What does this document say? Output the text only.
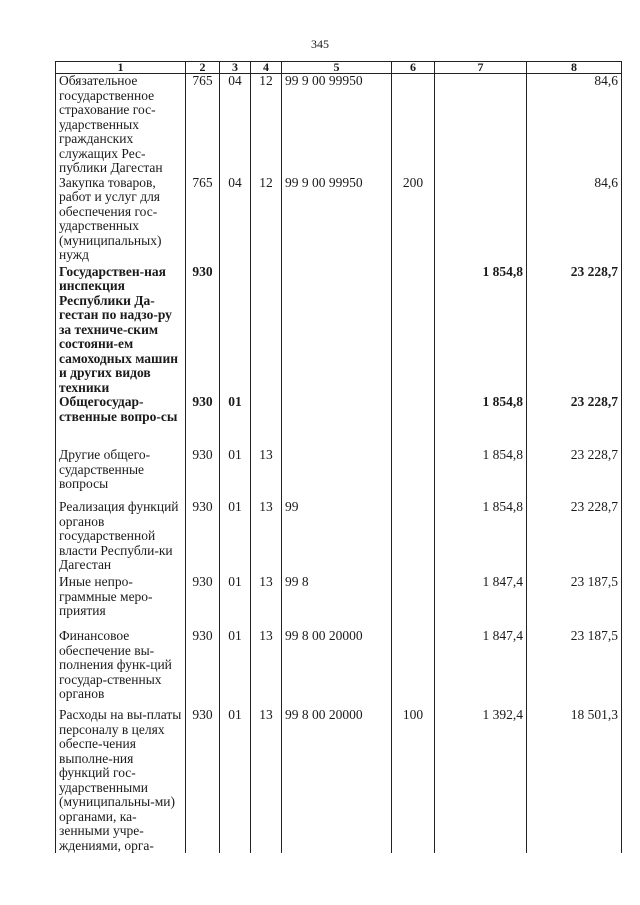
345
1	2	3	4	5	6	7	8
Обязательное государственное страхование гос-ударственных гражданских служащих Рес-публики Дагестан	765	04	12	99 9 00 99950			84,6
Закупка товаров, работ и услуг для обеспечения гос-ударственных (муниципальных) нужд	765	04	12	99 9 00 99950	200		84,6
Государствен-ная инспекция Республики Да-гестан по надзо-ру за техниче-ским состояни-ем самоходных машин и других видов техники	930					1 854,8	23 228,7
Общегосудар-ственные вопро-сы	930	01				1 854,8	23 228,7
Другие общего-сударственные вопросы	930	01	13			1 854,8	23 228,7
Реализация функций органов государственной власти Республи-ки Дагестан	930	01	13	99		1 854,8	23 228,7
Иные непро-граммные меро-приятия	930	01	13	99 8		1 847,4	23 187,5
Финансовое обеспечение вы-полнения функ-ций государ-ственных органов	930	01	13	99 8 00 20000		1 847,4	23 187,5
Расходы на вы-платы персоналу в целях обеспе-чения выполне-ния функций гос-ударственными (муниципальны-ми) органами, ка-зенными учре-ждениями, орга-	930	01	13	99 8 00 20000	100	1 392,4	18 501,3
